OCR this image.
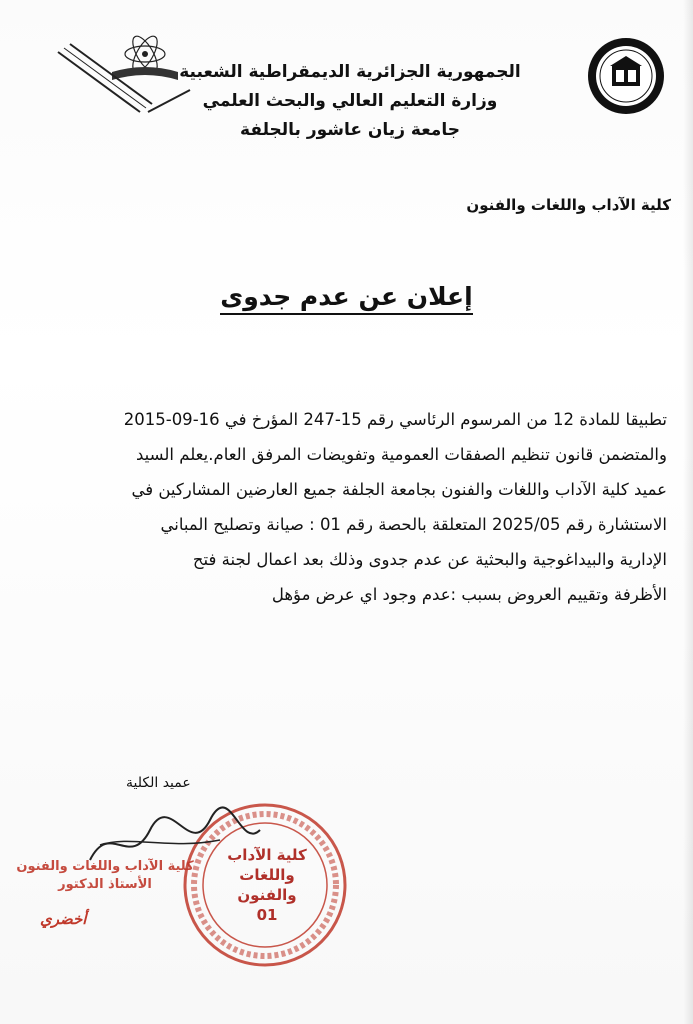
الجمهورية الجزائرية الديمقراطية الشعبية
وزارة التعليم العالي والبحث العلمي
جامعة زيان عاشور بالجلفة
كلية الآداب واللغات والفنون
إعلان عن عدم جدوى
تطبيقا للمادة 12 من المرسوم الرئاسي رقم 15-247 المؤرخ في 16-09-2015
والمتضمن قانون تنظيم الصفقات العمومية وتفويضات المرفق العام.يعلم السيد
عميد كلية الآداب واللغات والفنون بجامعة الجلفة جميع العارضين المشاركين في
الاستشارة رقم 2025/05 المتعلقة بالحصة رقم 01 : صيانة وتصليح المباني
الإدارية والبيداغوجية والبحثية عن عدم جدوى وذلك بعد اعمال لجنة فتح
الأظرفة وتقييم العروض بسبب :عدم وجود اي عرض مؤهل
عميد الكلية
كلية الآداب
واللغات
والفنون
01
كلية الآداب واللغات والفنون
الأستاذ الدكتور
أخضري
